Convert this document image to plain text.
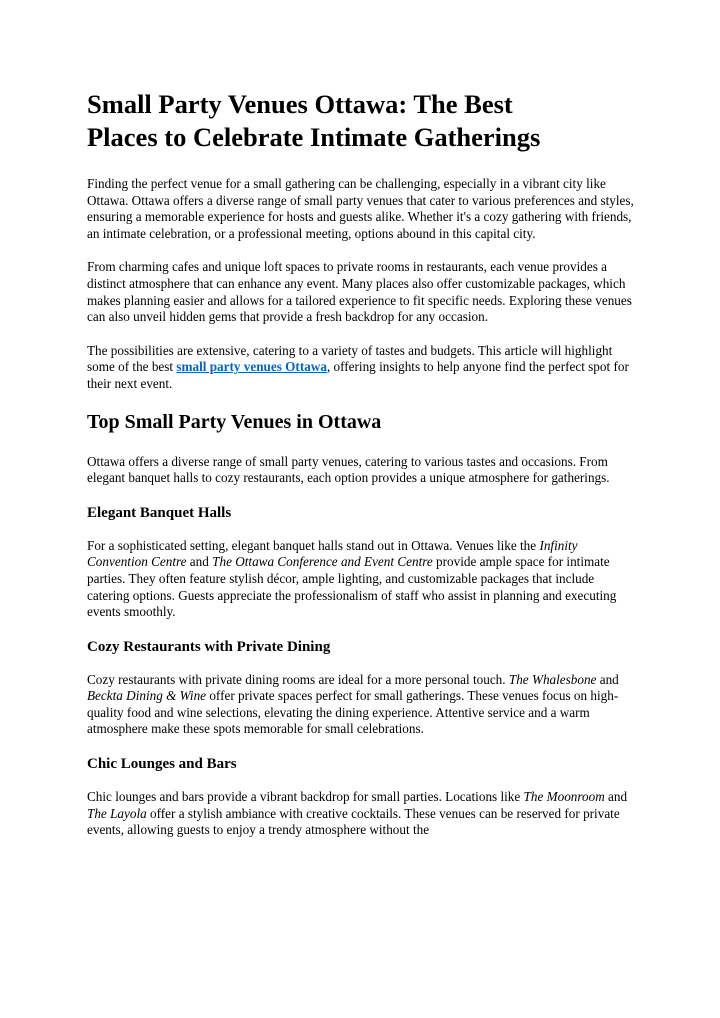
Small Party Venues Ottawa: The Best
Places to Celebrate Intimate Gatherings

Finding the perfect venue for a small gathering can be challenging, especially in a vibrant city like Ottawa. Ottawa offers a diverse range of small party venues that cater to various preferences and styles, ensuring a memorable experience for hosts and guests alike. Whether it's a cozy gathering with friends, an intimate celebration, or a professional meeting, options abound in this capital city.

From charming cafes and unique loft spaces to private rooms in restaurants, each venue provides a distinct atmosphere that can enhance any event. Many places also offer customizable packages, which makes planning easier and allows for a tailored experience to fit specific needs. Exploring these venues can also unveil hidden gems that provide a fresh backdrop for any occasion.

The possibilities are extensive, catering to a variety of tastes and budgets. This article will highlight some of the best small party venues Ottawa, offering insights to help anyone find the perfect spot for their next event.

Top Small Party Venues in Ottawa

Ottawa offers a diverse range of small party venues, catering to various tastes and occasions. From elegant banquet halls to cozy restaurants, each option provides a unique atmosphere for gatherings.

Elegant Banquet Halls

For a sophisticated setting, elegant banquet halls stand out in Ottawa. Venues like the Infinity Convention Centre and The Ottawa Conference and Event Centre provide ample space for intimate parties. They often feature stylish décor, ample lighting, and customizable packages that include catering options. Guests appreciate the professionalism of staff who assist in planning and executing events smoothly.

Cozy Restaurants with Private Dining

Cozy restaurants with private dining rooms are ideal for a more personal touch. The Whalesbone and Beckta Dining & Wine offer private spaces perfect for small gatherings. These venues focus on high-quality food and wine selections, elevating the dining experience. Attentive service and a warm atmosphere make these spots memorable for small celebrations.

Chic Lounges and Bars

Chic lounges and bars provide a vibrant backdrop for small parties. Locations like The Moonroom and The Layola offer a stylish ambiance with creative cocktails. These venues can be reserved for private events, allowing guests to enjoy a trendy atmosphere without the
